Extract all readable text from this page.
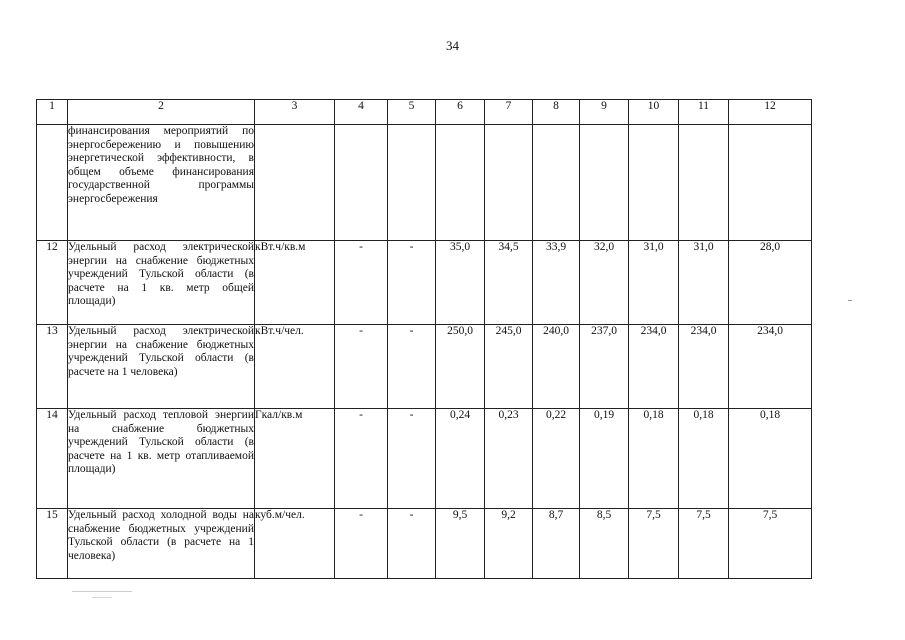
34
1	2	3	4	5	6	7	8	9	10	11	12
	финансирования мероприятий по энергосбережению и повышению энергетической эффективности, в общем объеме финансирования государственной программы энергосбережения										
12	Удельный расход электрической энергии на снабжение бюджетных учреждений Тульской области (в расчете на 1 кв. метр общей площади)	кВт.ч/кв.м	-	-	35,0	34,5	33,9	32,0	31,0	31,0	28,0
13	Удельный расход электрической энергии на снабжение бюджетных учреждений Тульской области (в расчете на 1 человека)	кВт.ч/чел.	-	-	250,0	245,0	240,0	237,0	234,0	234,0	234,0
14	Удельный расход тепловой энергии на снабжение бюджетных учреждений Тульской области (в расчете на 1 кв. метр отапливаемой площади)	Гкал/кв.м	-	-	0,24	0,23	0,22	0,19	0,18	0,18	0,18
15	Удельный расход холодной воды на снабжение бюджетных учреждений Тульской области (в расчете на 1 человека)	куб.м/чел.	-	-	9,5	9,2	8,7	8,5	7,5	7,5	7,5
